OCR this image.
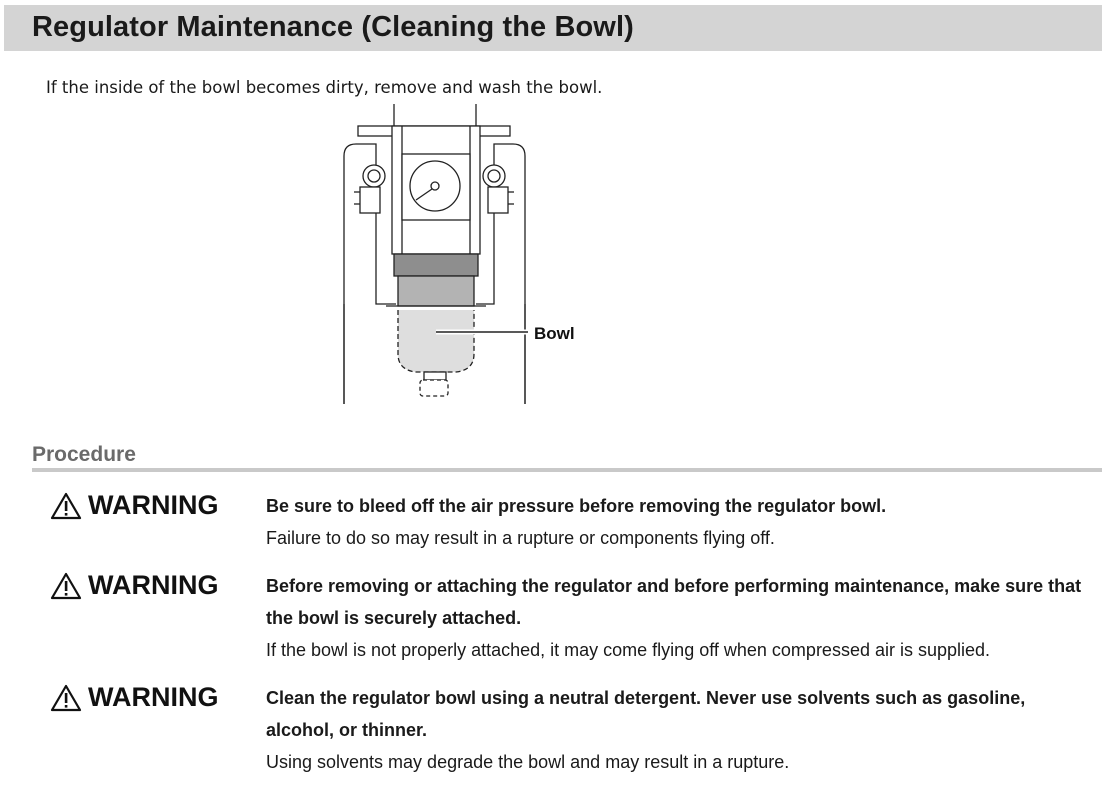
Regulator Maintenance (Cleaning the Bowl)
If the inside of the bowl becomes dirty, remove and wash the bowl.
Bowl
Procedure
WARNING	Be sure to bleed off the air pressure before removing the regulator bowl.

Failure to do so may result in a rupture or components flying off.

WARNING	Before removing or attaching the regulator and before performing maintenance, make sure that the bowl is securely attached.

If the bowl is not properly attached, it may come flying off when compressed air is supplied.

WARNING	Clean the regulator bowl using a neutral detergent. Never use solvents such as gasoline, alcohol, or thinner.

Using solvents may degrade the bowl and may result in a rupture.
